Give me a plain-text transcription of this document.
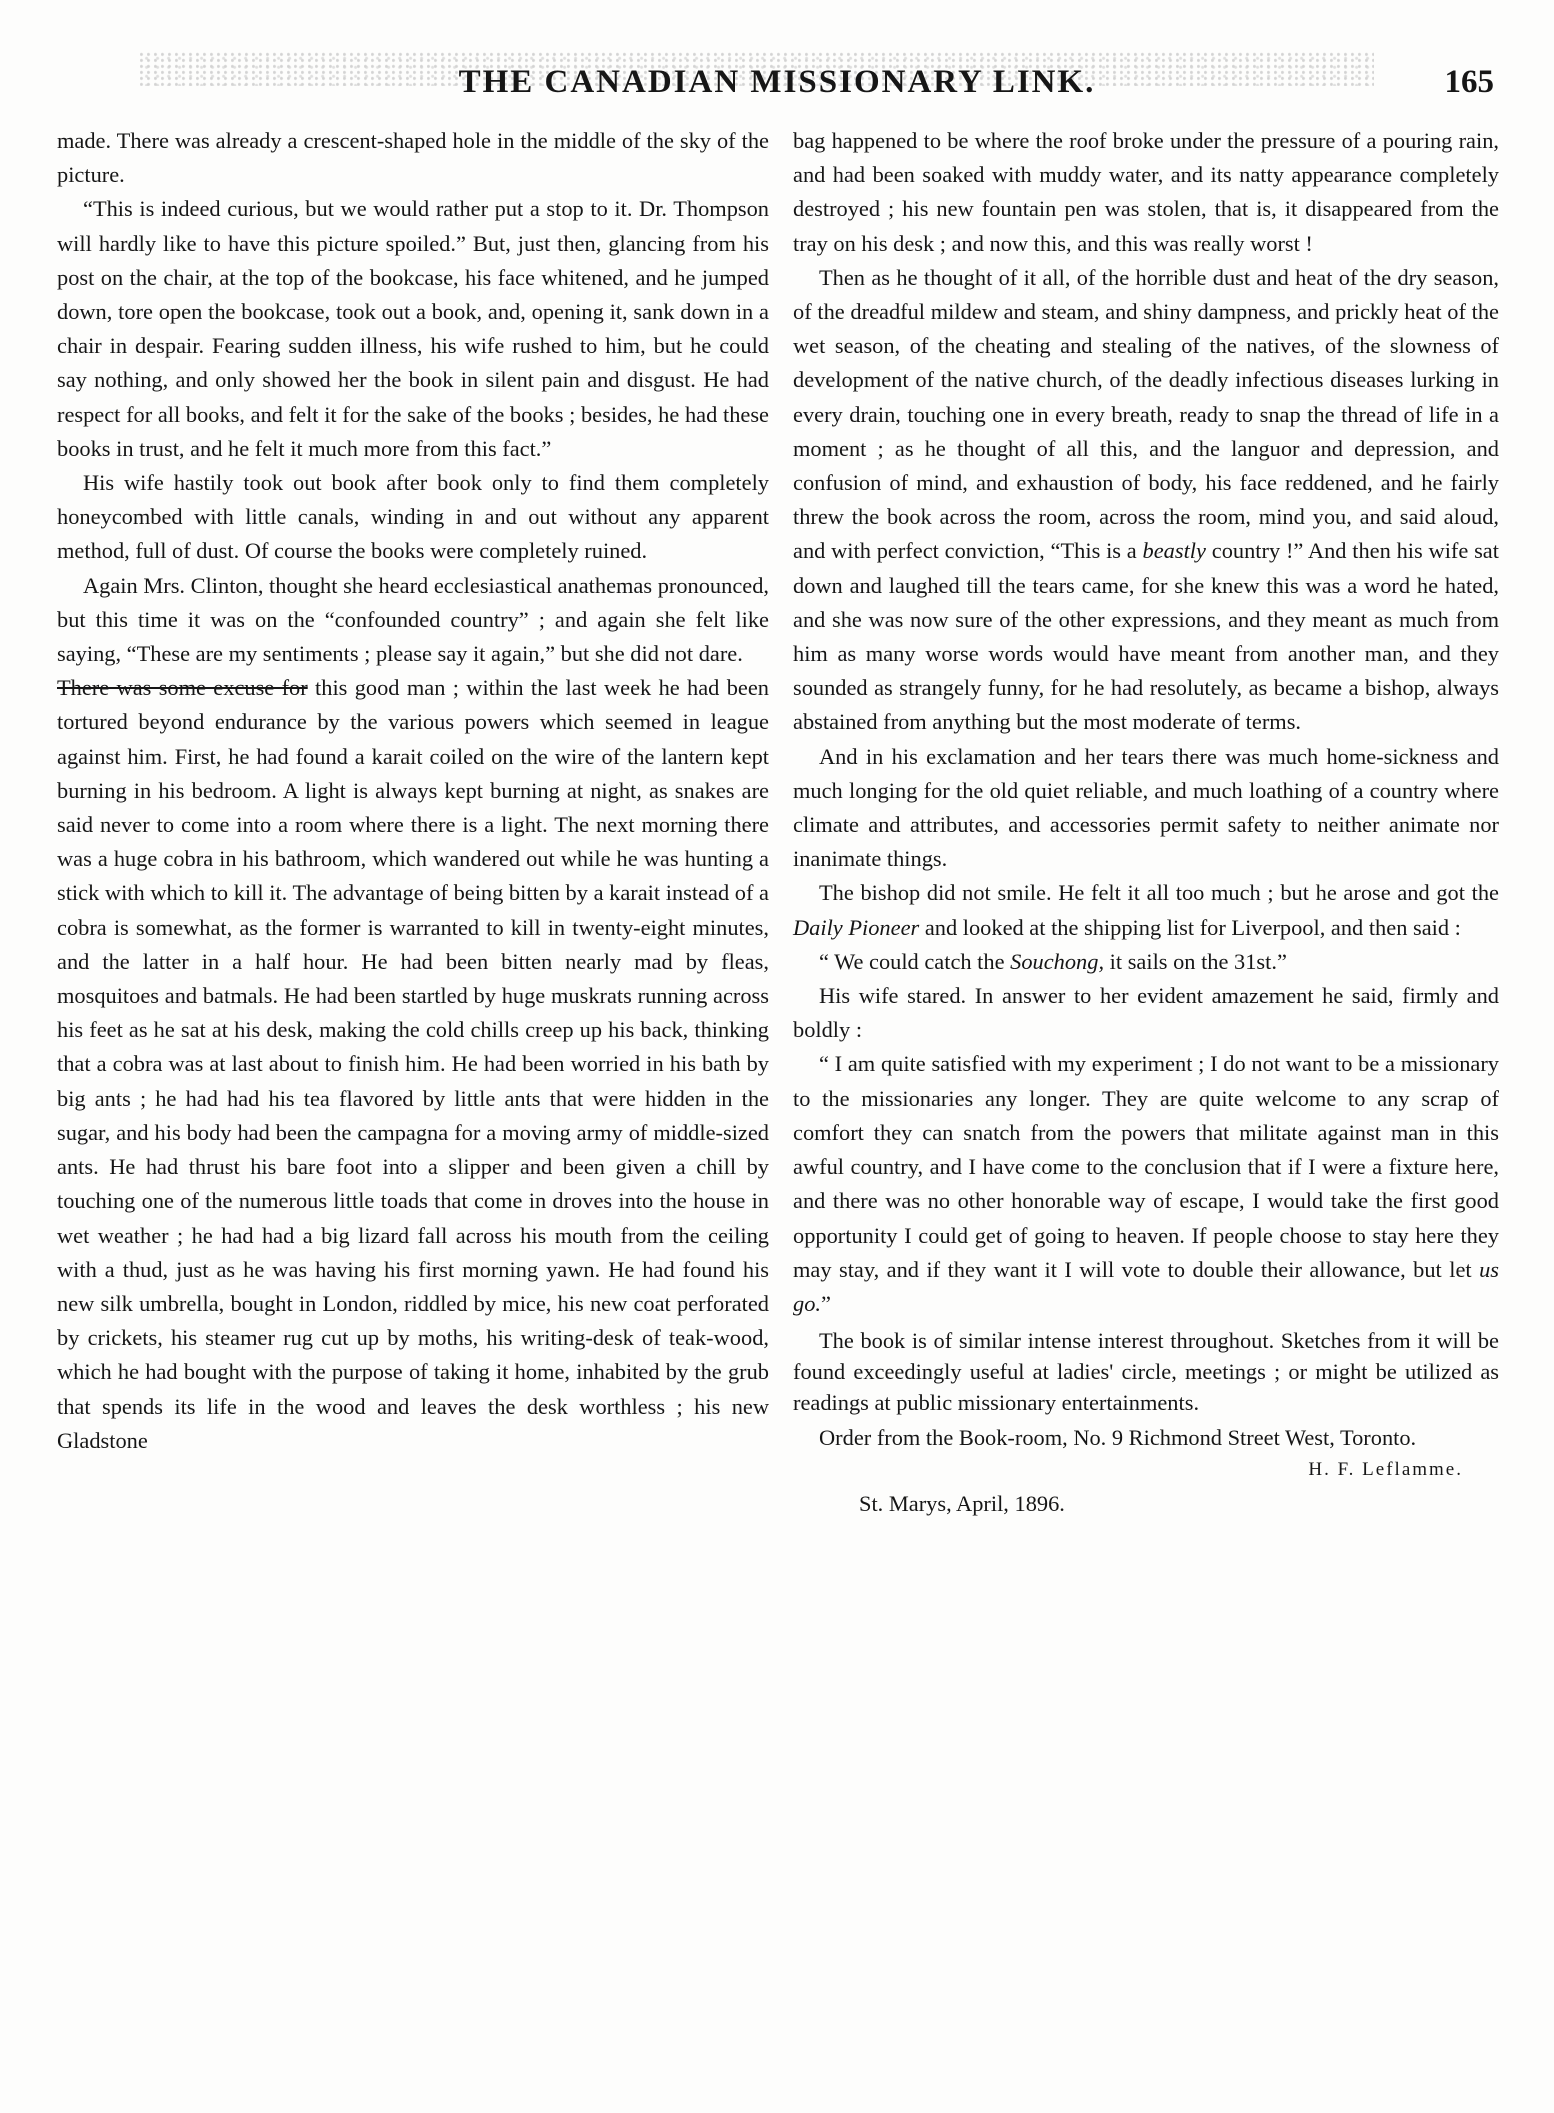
THE CANADIAN MISSIONARY LINK.	165

made. There was already a crescent-shaped hole in the middle of the sky of the picture.

“This is indeed curious, but we would rather put a stop to it. Dr. Thompson will hardly like to have this picture spoiled.” But, just then, glancing from his post on the chair, at the top of the bookcase, his face whitened, and he jumped down, tore open the bookcase, took out a book, and, opening it, sank down in a chair in despair. Fearing sudden illness, his wife rushed to him, but he could say nothing, and only showed her the book in silent pain and disgust. He had respect for all books, and felt it for the sake of the books ; besides, he had these books in trust, and he felt it much more from this fact.”

His wife hastily took out book after book only to find them completely honeycombed with little canals, winding in and out without any apparent method, full of dust. Of course the books were completely ruined.

Again Mrs. Clinton, thought she heard ecclesiastical anathemas pronounced, but this time it was on the “confounded country” ; and again she felt like saying, “These are my sentiments ; please say it again,” but she did not dare.

There was some excuse for this good man ; within the last week he had been tortured beyond endurance by the various powers which seemed in league against him. First, he had found a karait coiled on the wire of the lantern kept burning in his bedroom. A light is always kept burning at night, as snakes are said never to come into a room where there is a light. The next morning there was a huge cobra in his bathroom, which wandered out while he was hunting a stick with which to kill it. The advantage of being bitten by a karait instead of a cobra is somewhat, as the former is warranted to kill in twenty-eight minutes, and the latter in a half hour. He had been bitten nearly mad by fleas, mosquitoes and batmals. He had been startled by huge muskrats running across his feet as he sat at his desk, making the cold chills creep up his back, thinking that a cobra was at last about to finish him. He had been worried in his bath by big ants ; he had had his tea flavored by little ants that were hidden in the sugar, and his body had been the campagna for a moving army of middle-sized ants. He had thrust his bare foot into a slipper and been given a chill by touching one of the numerous little toads that come in droves into the house in wet weather ; he had had a big lizard fall across his mouth from the ceiling with a thud, just as he was having his first morning yawn. He had found his new silk umbrella, bought in London, riddled by mice, his new coat perforated by crickets, his steamer rug cut up by moths, his writing-desk of teak-wood, which he had bought with the purpose of taking it home, inhabited by the grub that spends its life in the wood and leaves the desk worthless ; his new Gladstone

bag happened to be where the roof broke under the pressure of a pouring rain, and had been soaked with muddy water, and its natty appearance completely destroyed ; his new fountain pen was stolen, that is, it disappeared from the tray on his desk ; and now this, and this was really worst !

Then as he thought of it all, of the horrible dust and heat of the dry season, of the dreadful mildew and steam, and shiny dampness, and prickly heat of the wet season, of the cheating and stealing of the natives, of the slowness of development of the native church, of the deadly infectious diseases lurking in every drain, touching one in every breath, ready to snap the thread of life in a moment ; as he thought of all this, and the languor and depression, and confusion of mind, and exhaustion of body, his face reddened, and he fairly threw the book across the room, across the room, mind you, and said aloud, and with perfect conviction, “This is a beastly country !” And then his wife sat down and laughed till the tears came, for she knew this was a word he hated, and she was now sure of the other expressions, and they meant as much from him as many worse words would have meant from another man, and they sounded as strangely funny, for he had resolutely, as became a bishop, always abstained from anything but the most moderate of terms.

And in his exclamation and her tears there was much home-sickness and much longing for the old quiet reliable, and much loathing of a country where climate and attributes, and accessories permit safety to neither animate nor inanimate things.

The bishop did not smile. He felt it all too much ; but he arose and got the Daily Pioneer and looked at the shipping list for Liverpool, and then said :

“ We could catch the Souchong, it sails on the 31st.”

His wife stared. In answer to her evident amazement he said, firmly and boldly :

“ I am quite satisfied with my experiment ; I do not want to be a missionary to the missionaries any longer. They are quite welcome to any scrap of comfort they can snatch from the powers that militate against man in this awful country, and I have come to the conclusion that if I were a fixture here, and there was no other honorable way of escape, I would take the first good opportunity I could get of going to heaven. If people choose to stay here they may stay, and if they want it I will vote to double their allowance, but let us go.”

The book is of similar intense interest throughout. Sketches from it will be found exceedingly useful at ladies' circle, meetings ; or might be utilized as readings at public missionary entertainments.

Order from the Book-room, No. 9 Richmond Street West, Toronto.

H. F. Leflamme.

St. Marys, April, 1896.
